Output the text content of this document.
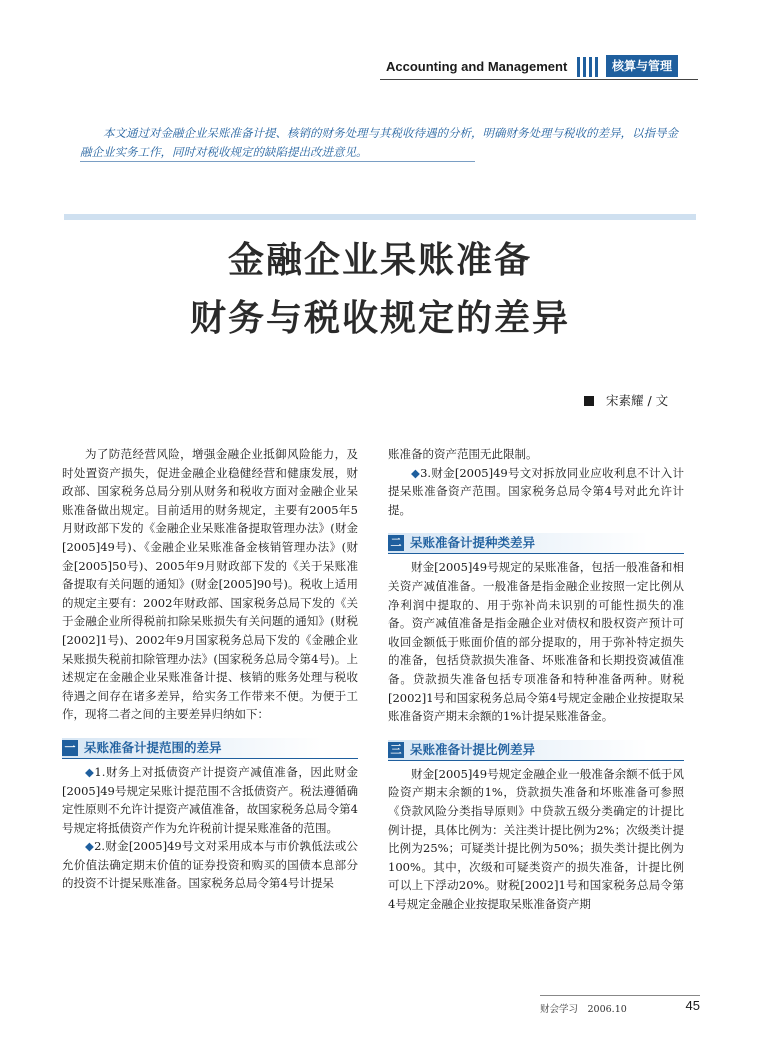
Accounting and Management	核算与管理

本文通过对金融企业呆账准备计提、核销的财务处理与其税收待遇的分析，明确财务处理与税收的差异，以指导金融企业实务工作，同时对税收规定的缺陷提出改进意见。

金融企业呆账准备
财务与税收规定的差异
宋素耀 / 文

为了防范经营风险，增强金融企业抵御风险能力，及时处置资产损失，促进金融企业稳健经营和健康发展，财政部、国家税务总局分别从财务和税收方面对金融企业呆账准备做出规定。目前适用的财务规定，主要有2005年5月财政部下发的《金融企业呆账准备提取管理办法》(财金[2005]49号)、《金融企业呆账准备金核销管理办法》(财金[2005]50号)、2005年9月财政部下发的《关于呆账准备提取有关问题的通知》(财金[2005]90号)。税收上适用的规定主要有：2002年财政部、国家税务总局下发的《关于金融企业所得税前扣除呆账损失有关问题的通知》(财税[2002]1号)、2002年9月国家税务总局下发的《金融企业呆账损失税前扣除管理办法》(国家税务总局令第4号)。上述规定在金融企业呆账准备计提、核销的账务处理与税收待遇之间存在诸多差异，给实务工作带来不便。为便于工作，现将二者之间的主要差异归纳如下：

一 呆账准备计提范围的差异

◆1.财务上对抵债资产计提资产减值准备，因此财金[2005]49号规定呆账计提范围不含抵债资产。税法遵循确定性原则不允许计提资产减值准备，故国家税务总局令第4号规定将抵债资产作为允许税前计提呆账准备的范围。

◆2.财金[2005]49号文对采用成本与市价孰低法或公允价值法确定期末价值的证券投资和购买的国债本息部分的投资不计提呆账准备。国家税务总局令第4号计提呆

账准备的资产范围无此限制。

◆3.财金[2005]49号文对拆放同业应收利息不计入计提呆账准备资产范围。国家税务总局令第4号对此允许计提。

二 呆账准备计提种类差异

财金[2005]49号规定的呆账准备，包括一般准备和相关资产减值准备。一般准备是指金融企业按照一定比例从净利润中提取的、用于弥补尚未识别的可能性损失的准备。资产减值准备是指金融企业对债权和股权资产预计可收回金额低于账面价值的部分提取的，用于弥补特定损失的准备，包括贷款损失准备、坏账准备和长期投资减值准备。贷款损失准备包括专项准备和特种准备两种。财税[2002]1号和国家税务总局令第4号规定金融企业按提取呆账准备资产期末余额的1%计提呆账准备金。

三 呆账准备计提比例差异

财金[2005]49号规定金融企业一般准备余额不低于风险资产期末余额的1%，贷款损失准备和坏账准备可参照《贷款风险分类指导原则》中贷款五级分类确定的计提比例计提，具体比例为：关注类计提比例为2%；次级类计提比例为25%；可疑类计提比例为50%；损失类计提比例为100%。其中，次级和可疑类资产的损失准备，计提比例可以上下浮动20%。财税[2002]1号和国家税务总局令第4号规定金融企业按提取呆账准备资产期

财会学习　2006.10	45
